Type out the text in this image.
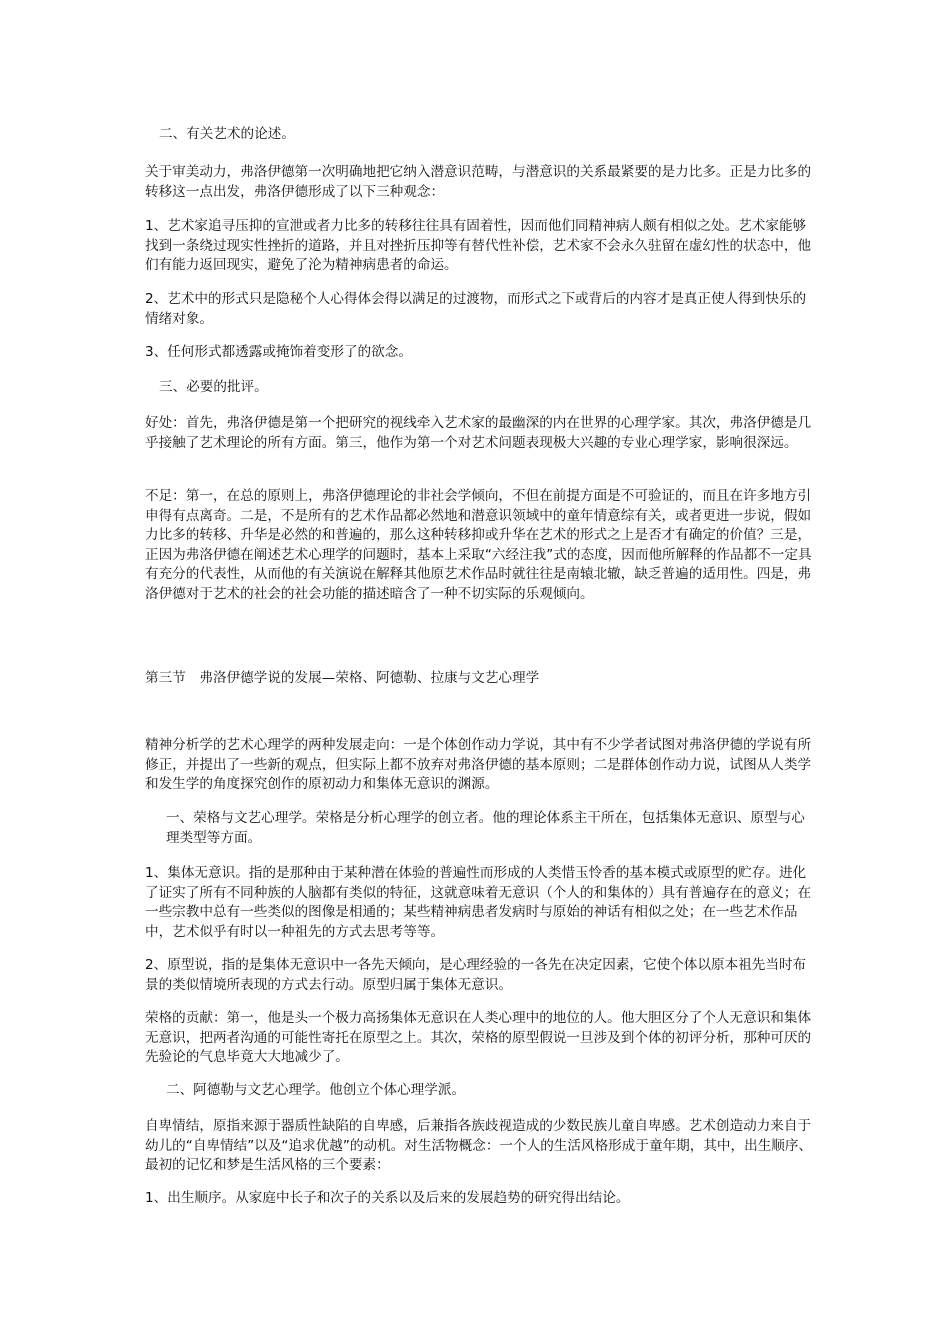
二、有关艺术的论述。

关于审美动力，弗洛伊德第一次明确地把它纳入潜意识范畴，与潜意识的关系最紧要的是力比多。正是力比多的转移这一点出发，弗洛伊德形成了以下三种观念：

1、艺术家追寻压抑的宣泄或者力比多的转移往往具有固着性，因而他们同精神病人颇有相似之处。艺术家能够找到一条绕过现实性挫折的道路，并且对挫折压抑等有替代性补偿，艺术家不会永久驻留在虚幻性的状态中，他们有能力返回现实，避免了沦为精神病患者的命运。

2、艺术中的形式只是隐秘个人心得体会得以满足的过渡物，而形式之下或背后的内容才是真正使人得到快乐的情绪对象。

3、任何形式都透露或掩饰着变形了的欲念。

三、必要的批评。

好处：首先，弗洛伊德是第一个把研究的视线牵入艺术家的最幽深的内在世界的心理学家。其次，弗洛伊德是几乎接触了艺术理论的所有方面。第三，他作为第一个对艺术问题表现极大兴趣的专业心理学家，影响很深远。

不足：第一，在总的原则上，弗洛伊德理论的非社会学倾向，不但在前提方面是不可验证的，而且在许多地方引申得有点离奇。二是，不是所有的艺术作品都必然地和潜意识领域中的童年情意综有关，或者更进一步说，假如力比多的转移、升华是必然的和普遍的，那么这种转移抑或升华在艺术的形式之上是否才有确定的价值？三是，正因为弗洛伊德在阐述艺术心理学的问题时，基本上采取“六经注我”式的态度，因而他所解释的作品都不一定具有充分的代表性，从而他的有关演说在解释其他原艺术作品时就往往是南辕北辙，缺乏普遍的适用性。四是，弗洛伊德对于艺术的社会的社会功能的描述暗含了一种不切实际的乐观倾向。

第三节　弗洛伊德学说的发展—荣格、阿德勒、拉康与文艺心理学

精神分析学的艺术心理学的两种发展走向：一是个体创作动力学说，其中有不少学者试图对弗洛伊德的学说有所修正，并提出了一些新的观点，但实际上都不放弃对弗洛伊德的基本原则；二是群体创作动力说，试图从人类学和发生学的角度探究创作的原初动力和集体无意识的渊源。

一、荣格与文艺心理学。荣格是分析心理学的创立者。他的理论体系主干所在，包括集体无意识、原型与心理类型等方面。

1、集体无意识。指的是那种由于某种潜在体验的普遍性而形成的人类惜玉怜香的基本模式或原型的贮存。进化了证实了所有不同种族的人脑都有类似的特征，这就意味着无意识（个人的和集体的）具有普遍存在的意义；在一些宗教中总有一些类似的图像是相通的；某些精神病患者发病时与原始的神话有相似之处；在一些艺术作品中，艺术似乎有时以一种祖先的方式去思考等等。

2、原型说，指的是集体无意识中一各先天倾向，是心理经验的一各先在决定因素，它使个体以原本祖先当时布景的类似情境所表现的方式去行动。原型归属于集体无意识。

荣格的贡献：第一，他是头一个极力高扬集体无意识在人类心理中的地位的人。他大胆区分了个人无意识和集体无意识，把两者沟通的可能性寄托在原型之上。其次，荣格的原型假说一旦涉及到个体的初评分析，那种可厌的先验论的气息毕竟大大地减少了。

二、阿德勒与文艺心理学。他创立个体心理学派。

自卑情结，原指来源于器质性缺陷的自卑感，后兼指各族歧视造成的少数民族儿童自卑感。艺术创造动力来自于幼儿的“自卑情结”以及“追求优越”的动机。对生活物概念：一个人的生活风格形成于童年期，其中，出生顺序、最初的记忆和梦是生活风格的三个要素：

1、出生顺序。从家庭中长子和次子的关系以及后来的发展趋势的研究得出结论。
